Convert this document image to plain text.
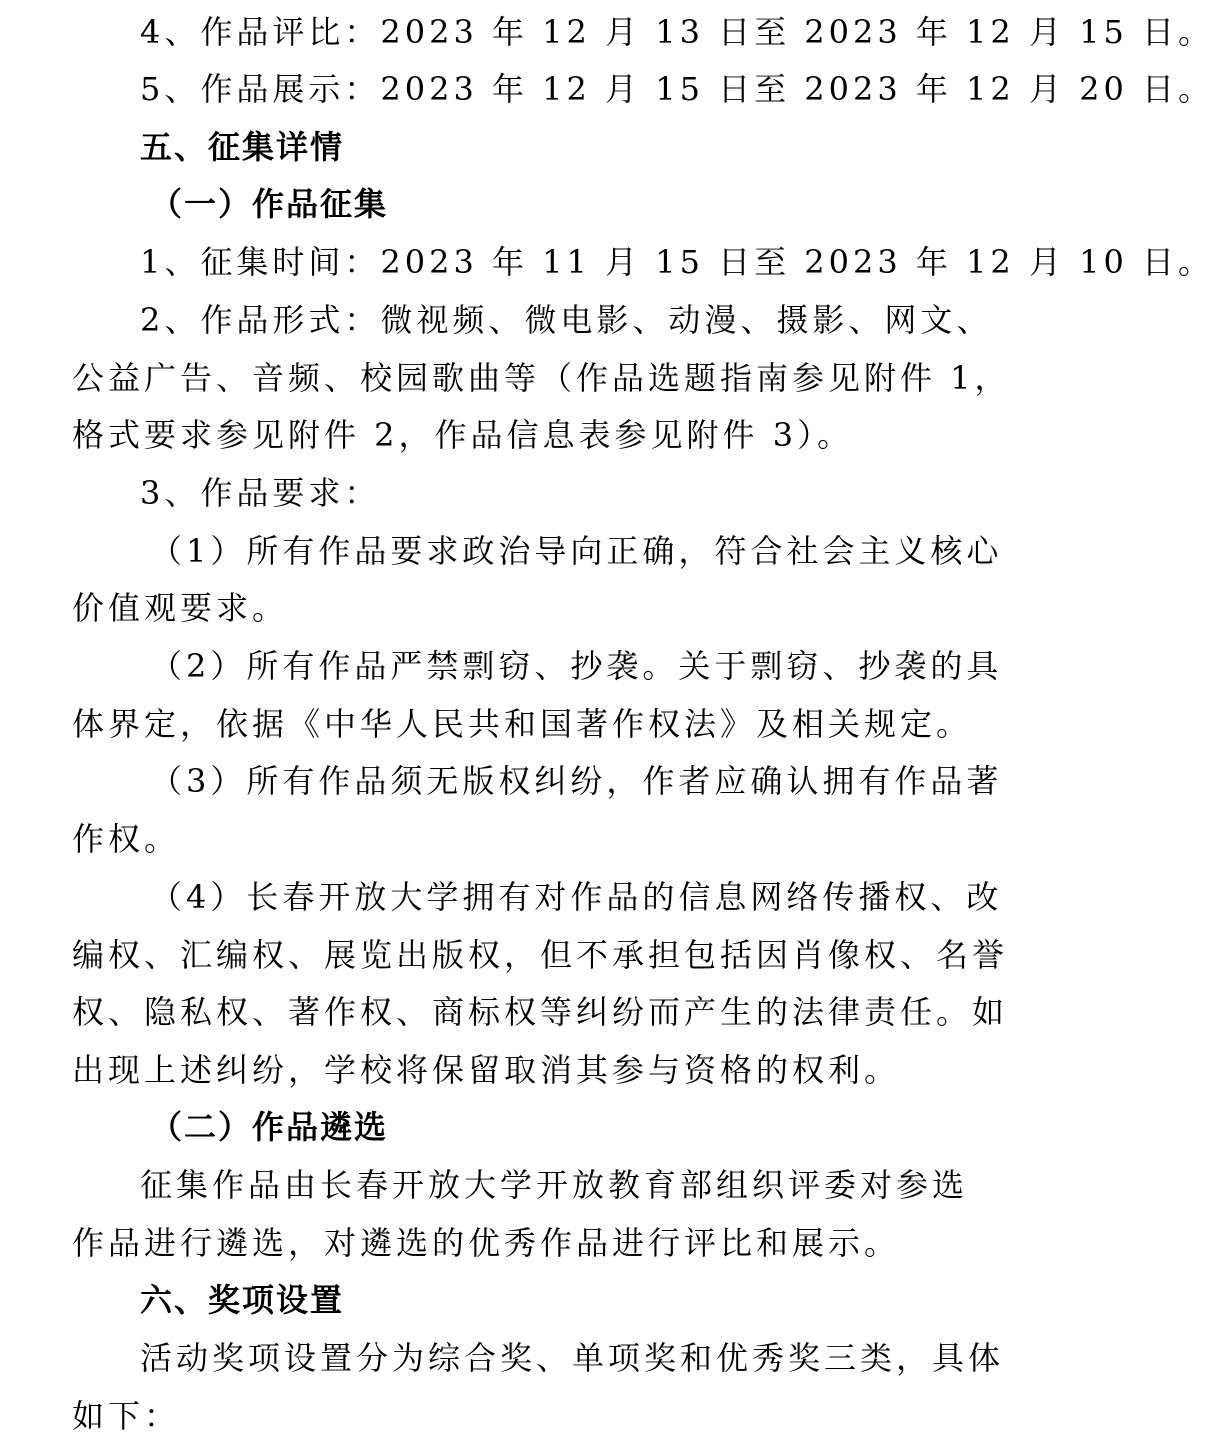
4、作品评比：2023 年 12 月 13 日至 2023 年 12 月 15 日。
5、作品展示：2023 年 12 月 15 日至 2023 年 12 月 20 日。
五、征集详情
（一）作品征集
1、征集时间：2023 年 11 月 15 日至 2023 年 12 月 10 日。
2、作品形式：微视频、微电影、动漫、摄影、网文、
公益广告、音频、校园歌曲等（作品选题指南参见附件 1，
格式要求参见附件 2，作品信息表参见附件 3）。
3、作品要求：
（1）所有作品要求政治导向正确，符合社会主义核心
价值观要求。
（2）所有作品严禁剽窃、抄袭。关于剽窃、抄袭的具
体界定，依据《中华人民共和国著作权法》及相关规定。
（3）所有作品须无版权纠纷，作者应确认拥有作品著
作权。
（4）长春开放大学拥有对作品的信息网络传播权、改
编权、汇编权、展览出版权，但不承担包括因肖像权、名誉
权、隐私权、著作权、商标权等纠纷而产生的法律责任。如
出现上述纠纷，学校将保留取消其参与资格的权利。
（二）作品遴选
征集作品由长春开放大学开放教育部组织评委对参选
作品进行遴选，对遴选的优秀作品进行评比和展示。
六、奖项设置
活动奖项设置分为综合奖、单项奖和优秀奖三类，具体
如下：
